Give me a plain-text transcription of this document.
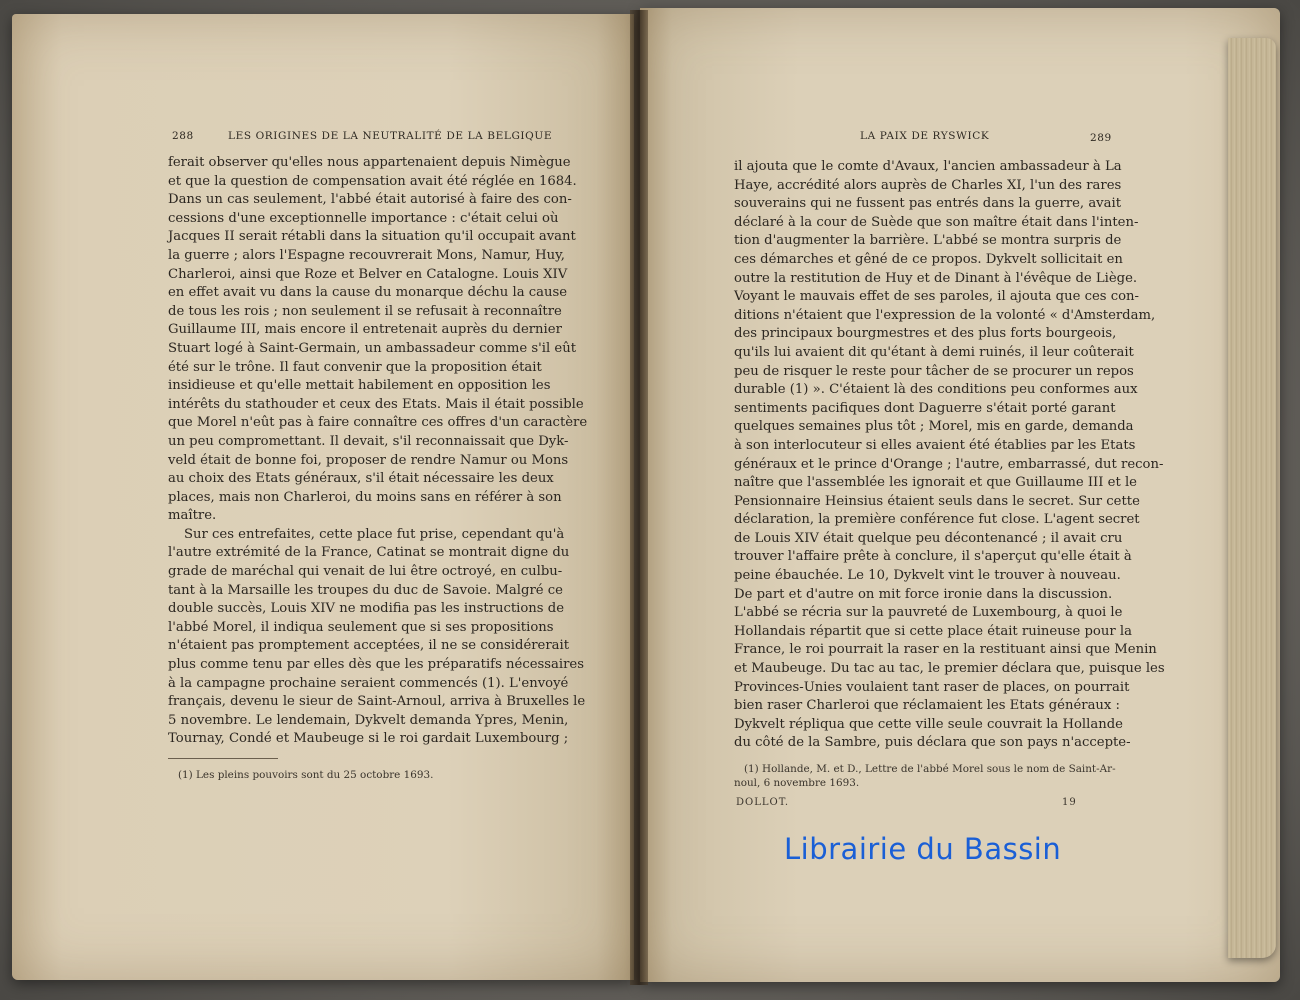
288	LES ORIGINES DE LA NEUTRALITÉ DE LA BELGIQUE
ferait observer qu'elles nous appartenaient depuis Nimègue
et que la question de compensation avait été réglée en 1684.
Dans un cas seulement, l'abbé était autorisé à faire des con-
cessions d'une exceptionnelle importance : c'était celui où
Jacques II serait rétabli dans la situation qu'il occupait avant
la guerre ; alors l'Espagne recouvrerait Mons, Namur, Huy,
Charleroi, ainsi que Roze et Belver en Catalogne. Louis XIV
en effet avait vu dans la cause du monarque déchu la cause
de tous les rois ; non seulement il se refusait à reconnaître
Guillaume III, mais encore il entretenait auprès du dernier
Stuart logé à Saint-Germain, un ambassadeur comme s'il eût
été sur le trône. Il faut convenir que la proposition était
insidieuse et qu'elle mettait habilement en opposition les
intérêts du stathouder et ceux des Etats. Mais il était possible
que Morel n'eût pas à faire connaître ces offres d'un caractère
un peu compromettant. Il devait, s'il reconnaissait que Dyk-
veld était de bonne foi, proposer de rendre Namur ou Mons
au choix des Etats généraux, s'il était nécessaire les deux
places, mais non Charleroi, du moins sans en référer à son
maître.
Sur ces entrefaites, cette place fut prise, cependant qu'à
l'autre extrémité de la France, Catinat se montrait digne du
grade de maréchal qui venait de lui être octroyé, en culbu-
tant à la Marsaille les troupes du duc de Savoie. Malgré ce
double succès, Louis XIV ne modifia pas les instructions de
l'abbé Morel, il indiqua seulement que si ses propositions
n'étaient pas promptement acceptées, il ne se considérerait
plus comme tenu par elles dès que les préparatifs nécessaires
à la campagne prochaine seraient commencés (1). L'envoyé
français, devenu le sieur de Saint-Arnoul, arriva à Bruxelles le
5 novembre. Le lendemain, Dykvelt demanda Ypres, Menin,
Tournay, Condé et Maubeuge si le roi gardait Luxembourg ;
(1) Les pleins pouvoirs sont du 25 octobre 1693.
LA PAIX DE RYSWICK	289
il ajouta que le comte d'Avaux, l'ancien ambassadeur à La
Haye, accrédité alors auprès de Charles XI, l'un des rares
souverains qui ne fussent pas entrés dans la guerre, avait
déclaré à la cour de Suède que son maître était dans l'inten-
tion d'augmenter la barrière. L'abbé se montra surpris de
ces démarches et gêné de ce propos. Dykvelt sollicitait en
outre la restitution de Huy et de Dinant à l'évêque de Liège.
Voyant le mauvais effet de ses paroles, il ajouta que ces con-
ditions n'étaient que l'expression de la volonté « d'Amsterdam,
des principaux bourgmestres et des plus forts bourgeois,
qu'ils lui avaient dit qu'étant à demi ruinés, il leur coûterait
peu de risquer le reste pour tâcher de se procurer un repos
durable (1) ». C'étaient là des conditions peu conformes aux
sentiments pacifiques dont Daguerre s'était porté garant
quelques semaines plus tôt ; Morel, mis en garde, demanda
à son interlocuteur si elles avaient été établies par les Etats
généraux et le prince d'Orange ; l'autre, embarrassé, dut recon-
naître que l'assemblée les ignorait et que Guillaume III et le
Pensionnaire Heinsius étaient seuls dans le secret. Sur cette
déclaration, la première conférence fut close. L'agent secret
de Louis XIV était quelque peu décontenancé ; il avait cru
trouver l'affaire prête à conclure, il s'aperçut qu'elle était à
peine ébauchée. Le 10, Dykvelt vint le trouver à nouveau.
De part et d'autre on mit force ironie dans la discussion.
L'abbé se récria sur la pauvreté de Luxembourg, à quoi le
Hollandais répartit que si cette place était ruineuse pour la
France, le roi pourrait la raser en la restituant ainsi que Menin
et Maubeuge. Du tac au tac, le premier déclara que, puisque les
Provinces-Unies voulaient tant raser de places, on pourrait
bien raser Charleroi que réclamaient les Etats généraux :
Dykvelt répliqua que cette ville seule couvrait la Hollande
du côté de la Sambre, puis déclara que son pays n'accepte-
(1) Hollande, M. et D., Lettre de l'abbé Morel sous le nom de Saint-Ar-
noul, 6 novembre 1693.
DOLLOT.	19
Librairie du Bassin
